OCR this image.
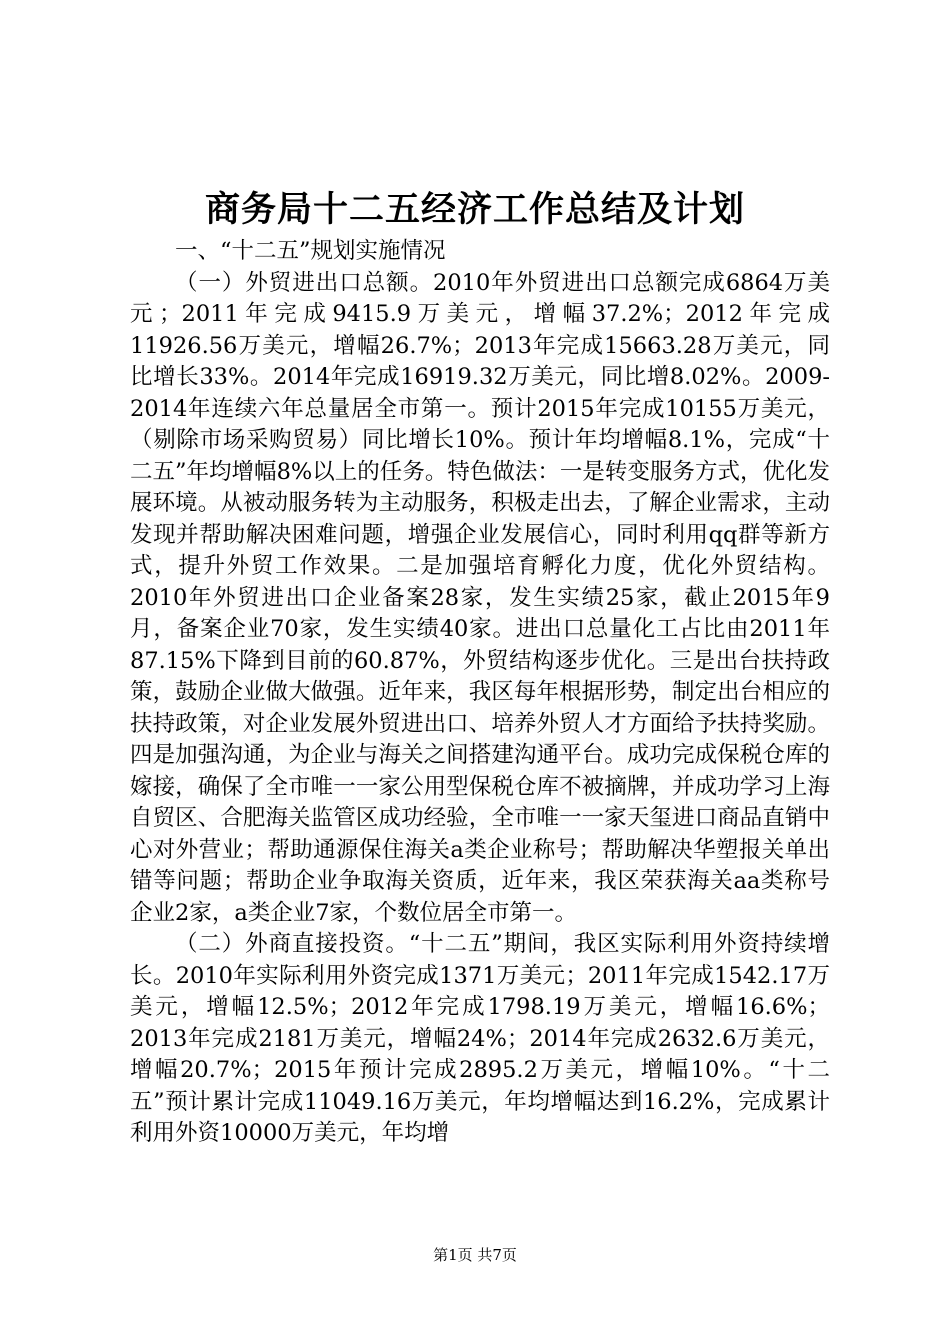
商务局十二五经济工作总结及计划

一、“十二五”规划实施情况

（一）外贸进出口总额。2010年外贸进出口总额完成6864万美元；2011年完成9415.9万美元，增幅37.2%；2012年完成11926.56万美元，增幅26.7%；2013年完成15663.28万美元，同比增长33%。2014年完成16919.32万美元，同比增8.02%。2009-2014年连续六年总量居全市第一。预计2015年完成10155万美元，（剔除市场采购贸易）同比增长10%。预计年均增幅8.1%，完成“十二五”年均增幅8%以上的任务。特色做法：一是转变服务方式，优化发展环境。从被动服务转为主动服务，积极走出去，了解企业需求，主动发现并帮助解决困难问题，增强企业发展信心，同时利用qq群等新方式，提升外贸工作效果。二是加强培育孵化力度，优化外贸结构。2010年外贸进出口企业备案28家，发生实绩25家，截止2015年9月，备案企业70家，发生实绩40家。进出口总量化工占比由2011年87.15%下降到目前的60.87%，外贸结构逐步优化。三是出台扶持政策，鼓励企业做大做强。近年来，我区每年根据形势，制定出台相应的扶持政策，对企业发展外贸进出口、培养外贸人才方面给予扶持奖励。四是加强沟通，为企业与海关之间搭建沟通平台。成功完成保税仓库的嫁接，确保了全市唯一一家公用型保税仓库不被摘牌，并成功学习上海自贸区、合肥海关监管区成功经验，全市唯一一家天玺进口商品直销中心对外营业；帮助通源保住海关a类企业称号；帮助解决华塑报关单出错等问题；帮助企业争取海关资质，近年来，我区荣获海关aa类称号企业2家，a类企业7家，个数位居全市第一。

（二）外商直接投资。“十二五”期间，我区实际利用外资持续增长。2010年实际利用外资完成1371万美元；2011年完成1542.17万美元，增幅12.5%；2012年完成1798.19万美元，增幅16.6%；2013年完成2181万美元，增幅24%；2014年完成2632.6万美元，增幅20.7%；2015年预计完成2895.2万美元，增幅10%。“十二五”预计累计完成11049.16万美元，年均增幅达到16.2%，完成累计利用外资10000万美元，年均增

第1页 共7页
